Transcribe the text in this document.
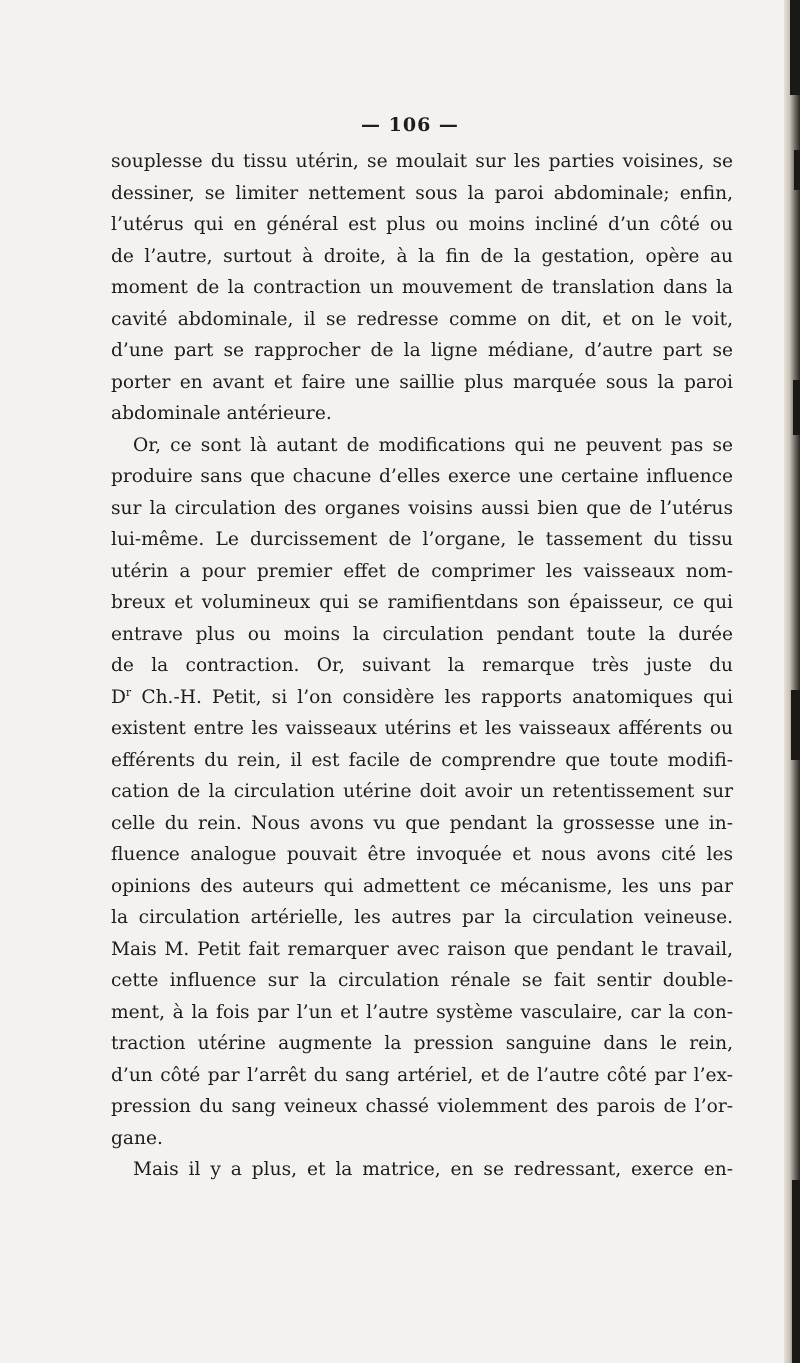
— 106 —
souplesse du tissu utérin, se moulait sur les parties voisines, se
dessiner, se limiter nettement sous la paroi abdominale; enfin,
l’utérus qui en général est plus ou moins incliné d’un côté ou
de l’autre, surtout à droite, à la fin de la gestation, opère au
moment de la contraction un mouvement de translation dans la
cavité abdominale, il se redresse comme on dit, et on le voit,
d’une part se rapprocher de la ligne médiane, d’autre part se
porter en avant et faire une saillie plus marquée sous la paroi
abdominale antérieure.
Or, ce sont là autant de modifications qui ne peuvent pas se
produire sans que chacune d’elles exerce une certaine influence
sur la circulation des organes voisins aussi bien que de l’utérus
lui-même. Le durcissement de l’organe, le tassement du tissu
utérin a pour premier effet de comprimer les vaisseaux nom-
breux et volumineux qui se ramifientdans son épaisseur, ce qui
entrave plus ou moins la circulation pendant toute la durée
de la contraction. Or, suivant la remarque très juste du
$D^r$ Ch.-H. Petit, si l’on considère les rapports anatomiques qui
existent entre les vaisseaux utérins et les vaisseaux afférents ou
efférents du rein, il est facile de comprendre que toute modifi-
cation de la circulation utérine doit avoir un retentissement sur
celle du rein. Nous avons vu que pendant la grossesse une in-
fluence analogue pouvait être invoquée et nous avons cité les
opinions des auteurs qui admettent ce mécanisme, les uns par
la circulation artérielle, les autres par la circulation veineuse.
Mais M. Petit fait remarquer avec raison que pendant le travail,
cette influence sur la circulation rénale se fait sentir double-
ment, à la fois par l’un et l’autre système vasculaire, car la con-
traction utérine augmente la pression sanguine dans le rein,
d’un côté par l’arrêt du sang artériel, et de l’autre côté par l’ex-
pression du sang veineux chassé violemment des parois de l’or-
gane.
Mais il y a plus, et la matrice, en se redressant, exerce en-
